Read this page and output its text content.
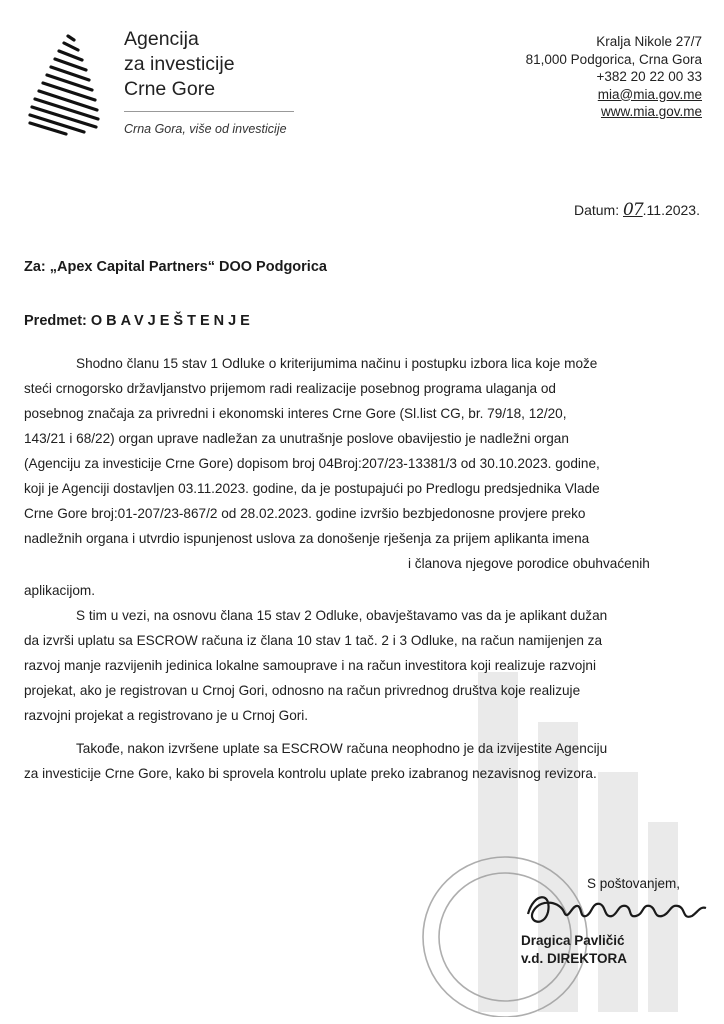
Agencija
za investicije
Crne Gore
Crna Gora, više od investicije
Kralja Nikole 27/7
81,000 Podgorica, Crna Gora
+382 20 22 00 33
mia@mia.gov.me
www.mia.gov.me
Datum: 07.11.2023.
Za: „Apex Capital Partners“ DOO Podgorica
Predmet: OBAVJEŠTENJE
Shodno članu 15 stav 1 Odluke o kriterijumima načinu i postupku izbora lica koje može
steći crnogorsko državljanstvo prijemom radi realizacije posebnog programa ulaganja od
posebnog značaja za privredni i ekonomski interes Crne Gore (Sl.list CG, br. 79/18, 12/20,
143/21 i 68/22) organ uprave nadležan za unutrašnje poslove obavijestio je nadležni organ
(Agenciju za investicije Crne Gore) dopisom broj 04Broj:207/23-13381/3 od 30.10.2023. godine,
koji je Agenciji dostavljen 03.11.2023. godine, da je postupajući po Predlogu predsjednika Vlade
Crne Gore broj:01-207/23-867/2 od 28.02.2023. godine izvršio bezbjedonosne provjere preko
nadležnih organa i utvrdio ispunjenost uslova za donošenje rješenja za prijem aplikanta imena
i članova njegove porodice obuhvaćenih
aplikacijom.
S tim u vezi, na osnovu člana 15 stav 2 Odluke, obavještavamo vas da je aplikant dužan
da izvrši uplatu sa ESCROW računa iz člana 10 stav 1 tač. 2 i 3 Odluke, na račun namijenjen za
razvoj manje razvijenih jedinica lokalne samouprave i na račun investitora koji realizuje razvojni
projekat, ako je registrovan u Crnoj Gori, odnosno na račun privrednog društva koje realizuje
razvojni projekat a registrovano je u Crnoj Gori.
Takođe, nakon izvršene uplate sa ESCROW računa neophodno je da izvijestite Agenciju
za investicije Crne Gore, kako bi sprovela kontrolu uplate preko izabranog nezavisnog revizora.
S poštovanjem,
Dragica Pavličić
v.d. DIREKTORA
